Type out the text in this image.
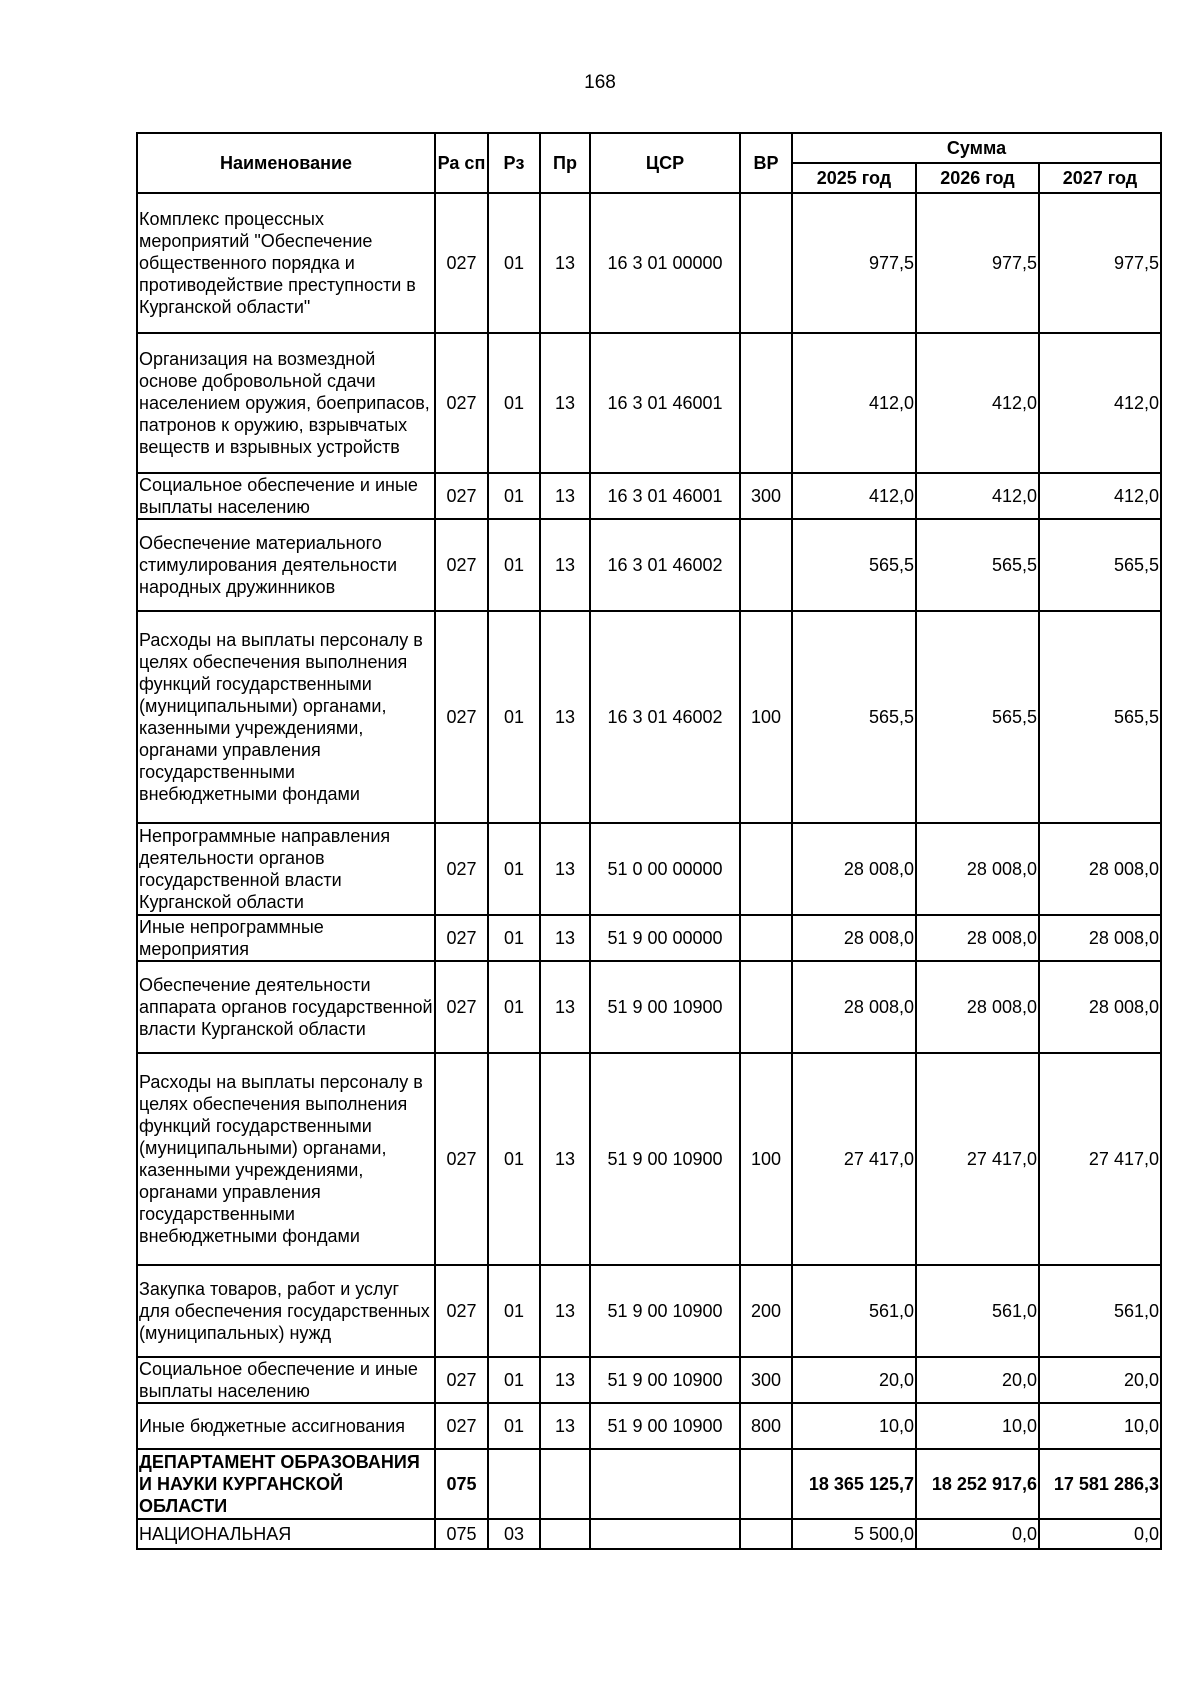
168
Наименование	Ра сп	Рз	Пр	ЦСР	ВР	Сумма		
						2025 год	2026 год	2027 год
Комплекс процессных мероприятий "Обеспечение общественного порядка и противодействие преступности в Курганской области"	027	01	13	16 3 01 00000		977,5	977,5	977,5
Организация на возмездной основе добровольной сдачи населением оружия, боеприпасов, патронов к оружию, взрывчатых веществ и взрывных устройств	027	01	13	16 3 01 46001		412,0	412,0	412,0
Социальное обеспечение и иные выплаты населению	027	01	13	16 3 01 46001	300	412,0	412,0	412,0
Обеспечение материального стимулирования деятельности народных дружинников	027	01	13	16 3 01 46002		565,5	565,5	565,5
Расходы на выплаты персоналу в целях обеспечения выполнения функций государственными (муниципальными) органами, казенными учреждениями, органами управления государственными внебюджетными фондами	027	01	13	16 3 01 46002	100	565,5	565,5	565,5
Непрограммные направления деятельности органов государственной власти Курганской области	027	01	13	51 0 00 00000		28 008,0	28 008,0	28 008,0
Иные непрограммные мероприятия	027	01	13	51 9 00 00000		28 008,0	28 008,0	28 008,0
Обеспечение деятельности аппарата органов государственной власти Курганской области	027	01	13	51 9 00 10900		28 008,0	28 008,0	28 008,0
Расходы на выплаты персоналу в целях обеспечения выполнения функций государственными (муниципальными) органами, казенными учреждениями, органами управления государственными внебюджетными фондами	027	01	13	51 9 00 10900	100	27 417,0	27 417,0	27 417,0
Закупка товаров, работ и услуг для обеспечения государственных (муниципальных) нужд	027	01	13	51 9 00 10900	200	561,0	561,0	561,0
Социальное обеспечение и иные выплаты населению	027	01	13	51 9 00 10900	300	20,0	20,0	20,0
Иные бюджетные ассигнования	027	01	13	51 9 00 10900	800	10,0	10,0	10,0
ДЕПАРТАМЕНТ ОБРАЗОВАНИЯ И НАУКИ КУРГАНСКОЙ ОБЛАСТИ	075					18 365 125,7	18 252 917,6	17 581 286,3
НАЦИОНАЛЬНАЯ	075	03				5 500,0	0,0	0,0
